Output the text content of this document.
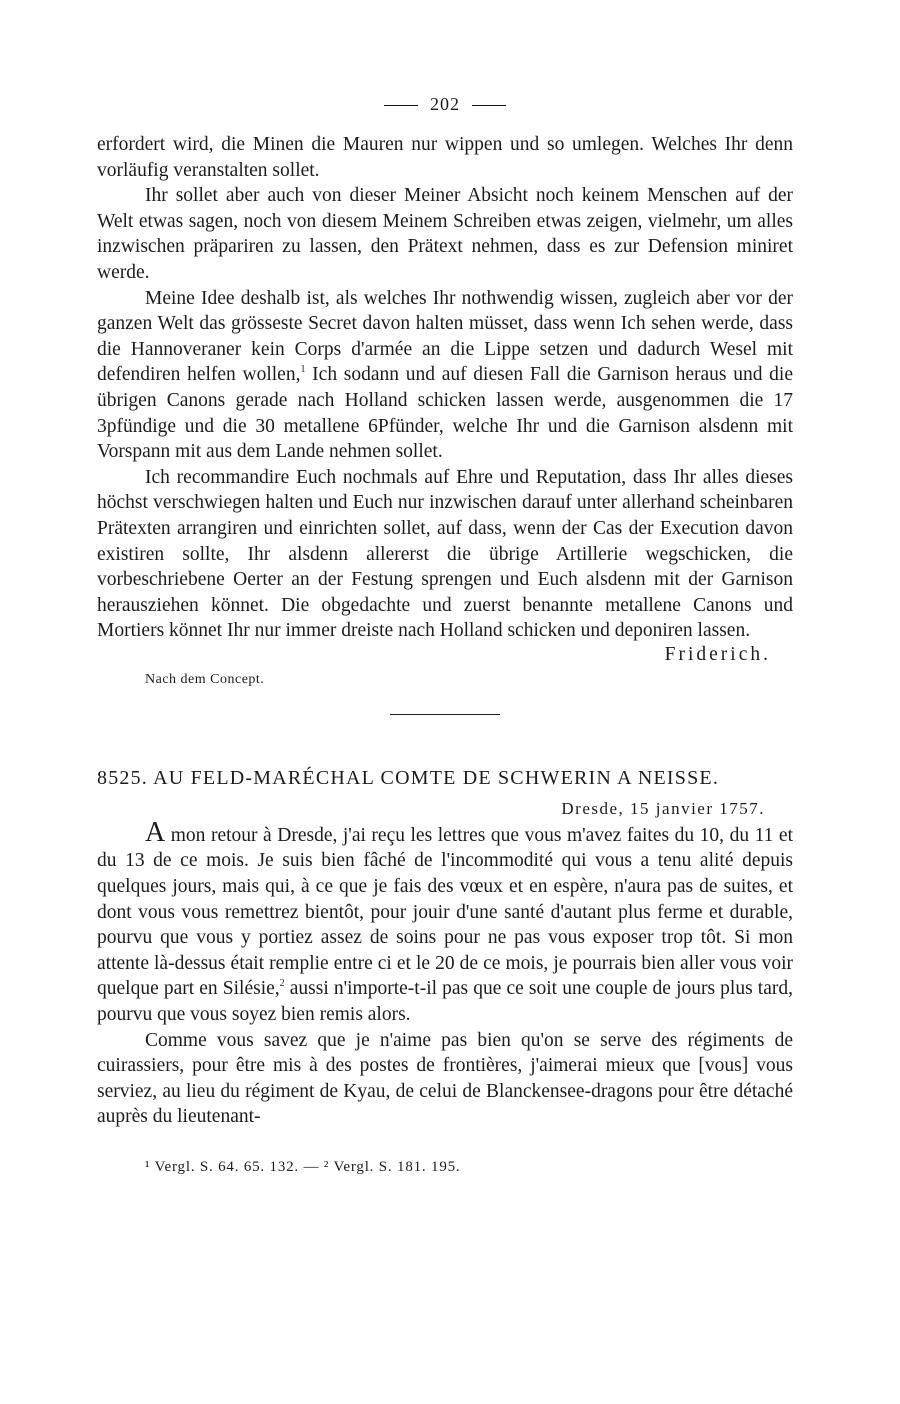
202

erfordert wird, die Minen die Mauren nur wippen und so umlegen. Welches Ihr denn vorläufig veranstalten sollet.

Ihr sollet aber auch von dieser Meiner Absicht noch keinem Menschen auf der Welt etwas sagen, noch von diesem Meinem Schreiben etwas zeigen, vielmehr, um alles inzwischen präpariren zu lassen, den Prätext nehmen, dass es zur Defension miniret werde.

Meine Idee deshalb ist, als welches Ihr nothwendig wissen, zugleich aber vor der ganzen Welt das grösseste Secret davon halten müsset, dass wenn Ich sehen werde, dass die Hannoveraner kein Corps d'armée an die Lippe setzen und dadurch Wesel mit defendiren helfen wollen,$^1$ Ich sodann und auf diesen Fall die Garnison heraus und die übrigen Canons gerade nach Holland schicken lassen werde, ausgenommen die 17 3pfündige und die 30 metallene 6Pfünder, welche Ihr und die Garnison alsdenn mit Vorspann mit aus dem Lande nehmen sollet.

Ich recommandire Euch nochmals auf Ehre und Reputation, dass Ihr alles dieses höchst verschwiegen halten und Euch nur inzwischen darauf unter allerhand scheinbaren Prätexten arrangiren und einrichten sollet, auf dass, wenn der Cas der Execution davon existiren sollte, Ihr alsdenn allererst die übrige Artillerie wegschicken, die vorbeschriebene Oerter an der Festung sprengen und Euch alsdenn mit der Garnison herausziehen könnet. Die obgedachte und zuerst benannte metallene Canons und Mortiers könnet Ihr nur immer dreiste nach Holland schicken und deponiren lassen.

Friderich.
Nach dem Concept.
8525. AU FELD-MARÉCHAL COMTE DE SCHWERIN A NEISSE.
Dresde, 15 janvier 1757.

A mon retour à Dresde, j'ai reçu les lettres que vous m'avez faites du 10, du 11 et du 13 de ce mois. Je suis bien fâché de l'incommodité qui vous a tenu alité depuis quelques jours, mais qui, à ce que je fais des vœux et en espère, n'aura pas de suites, et dont vous vous remettrez bientôt, pour jouir d'une santé d'autant plus ferme et durable, pourvu que vous y portiez assez de soins pour ne pas vous exposer trop tôt. Si mon attente là-dessus était remplie entre ci et le 20 de ce mois, je pourrais bien aller vous voir quelque part en Silésie,$^2$ aussi n'importe-t-il pas que ce soit une couple de jours plus tard, pourvu que vous soyez bien remis alors.

Comme vous savez que je n'aime pas bien qu'on se serve des régiments de cuirassiers, pour être mis à des postes de frontières, j'aimerai mieux que [vous] vous serviez, au lieu du régiment de Kyau, de celui de Blanckensee-dragons pour être détaché auprès du lieutenant-

¹ Vergl. S. 64. 65. 132. — ² Vergl. S. 181. 195.
